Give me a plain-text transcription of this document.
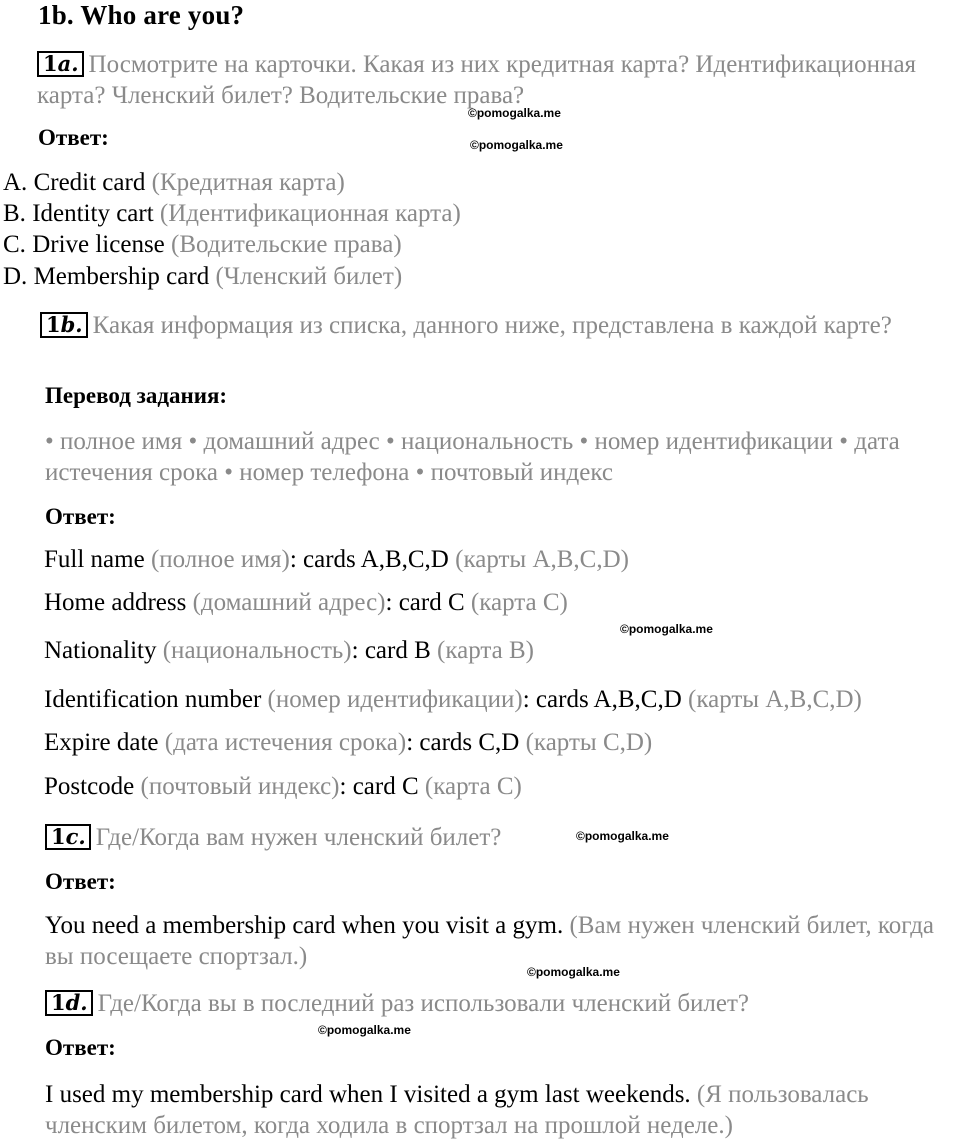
1b. Who are you?
1a. Посмотрите на карточки. Какая из них кредитная карта? Идентификационная карта? Членский билет? Водительские права?
©pomogalka.me
Ответ:	©pomogalka.me
A. Credit card (Кредитная карта)
B. Identity cart (Идентификационная карта)
C. Drive license (Водительские права)
D. Membership card (Членский билет)
1b. Какая информация из списка, данного ниже, представлена в каждой карте?
Перевод задания:
• полное имя • домашний адрес • национальность • номер идентификации • дата истечения срока • номер телефона • почтовый индекс
Ответ:
Full name (полное имя): cards A,B,C,D (карты A,B,C,D)
Home address (домашний адрес): card C (карта C)
©pomogalka.me
Nationality (национальность): card B (карта B)
Identification number (номер идентификации): cards A,B,C,D (карты A,B,C,D)
Expire date (дата истечения срока): cards C,D (карты C,D)
Postcode (почтовый индекс): card C (карта C)
1c. Где/Когда вам нужен членский билет?	©pomogalka.me
Ответ:
You need a membership card when you visit a gym. (Вам нужен членский билет, когда вы посещаете спортзал.)
©pomogalka.me
1d. Где/Когда вы в последний раз использовали членский билет?
©pomogalka.me
Ответ:
I used my membership card when I visited a gym last weekends. (Я пользовалась членским билетом, когда ходила в спортзал на прошлой неделе.)
